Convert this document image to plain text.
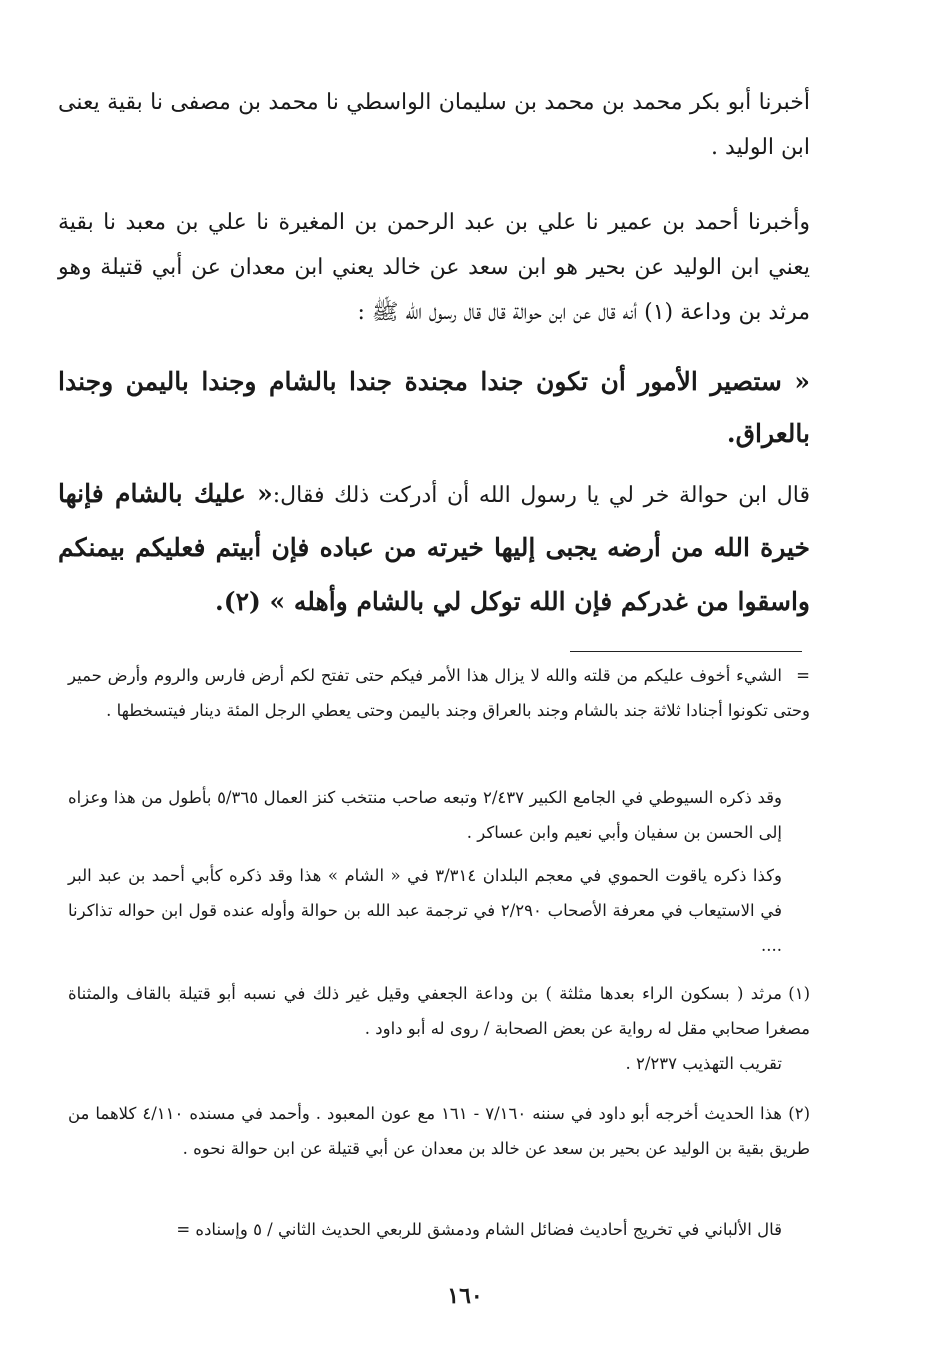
أخبرنا أبو بكر محمد بن محمد بن سليمان الواسطي نا محمد بن مصفى نا بقية يعنى ابن الوليد .

وأخبرنا أحمد بن عمير نا علي بن عبد الرحمن بن المغيرة نا علي بن معبد نا بقية يعني ابن الوليد عن بحير هو ابن سعد عن خالد يعني ابن معدان عن أبي قتيلة وهو مرثد بن وداعة (١) أنه قال عن ابن حوالة قال قال رسول الله ﷺ :

« ستصير الأمور أن تكون جندا مجندة جندا بالشام وجندا باليمن وجندا بالعراق.

قال ابن حوالة خر لي يا رسول الله أن أدركت ذلك فقال:« عليك بالشام فإنها خيرة الله من أرضه يجبى إليها خيرته من عباده فإن أبيتم فعليكم بيمنكم واسقوا من غدركم فإن الله توكل لي بالشام وأهله » (٢).

=الشيء أخوف عليكم من قلته والله لا يزال هذا الأمر فيكم حتى تفتح لكم أرض فارس والروم وأرض حمير وحتى تكونوا أجنادا ثلاثة جند بالشام وجند بالعراق وجند باليمن وحتى يعطي الرجل المئة دينار فيتسخطها .

وقد ذكره السيوطي في الجامع الكبير ٢/٤٣٧ وتبعه صاحب منتخب كنز العمال ٥/٣٦٥ بأطول من هذا وعزاه إلى الحسن بن سفيان وأبي نعيم وابن عساكر .

وكذا ذكره ياقوت الحموي في معجم البلدان ٣/٣١٤ في « الشام » هذا وقد ذكره كأبي أحمد بن عبد البر في الاستيعاب في معرفة الأصحاب ٢/٢٩٠ في ترجمة عبد الله بن حوالة وأوله عنده قول ابن حواله تذاكرنا ....

(١)مرثد ( بسكون الراء بعدها مثلثة ) بن وداعة الجعفي وقيل غير ذلك في نسبه أبو قتيلة بالقاف والمثناة مصغرا صحابي مقل له رواية عن بعض الصحابة / روى له أبو داود .

تقريب التهذيب ٢/٢٣٧ .

(٢)هذا الحديث أخرجه أبو داود في سننه ٧/١٦٠ - ١٦١ مع عون المعبود . وأحمد في مسنده ٤/١١٠ كلاهما من طريق بقية بن الوليد عن بحير بن سعد عن خالد بن معدان عن أبي قتيلة عن ابن حوالة نحوه .

قال الألباني في تخريج أحاديث فضائل الشام ودمشق للربعي الحديث الثاني / ٥ وإسناده =

١٦٠
